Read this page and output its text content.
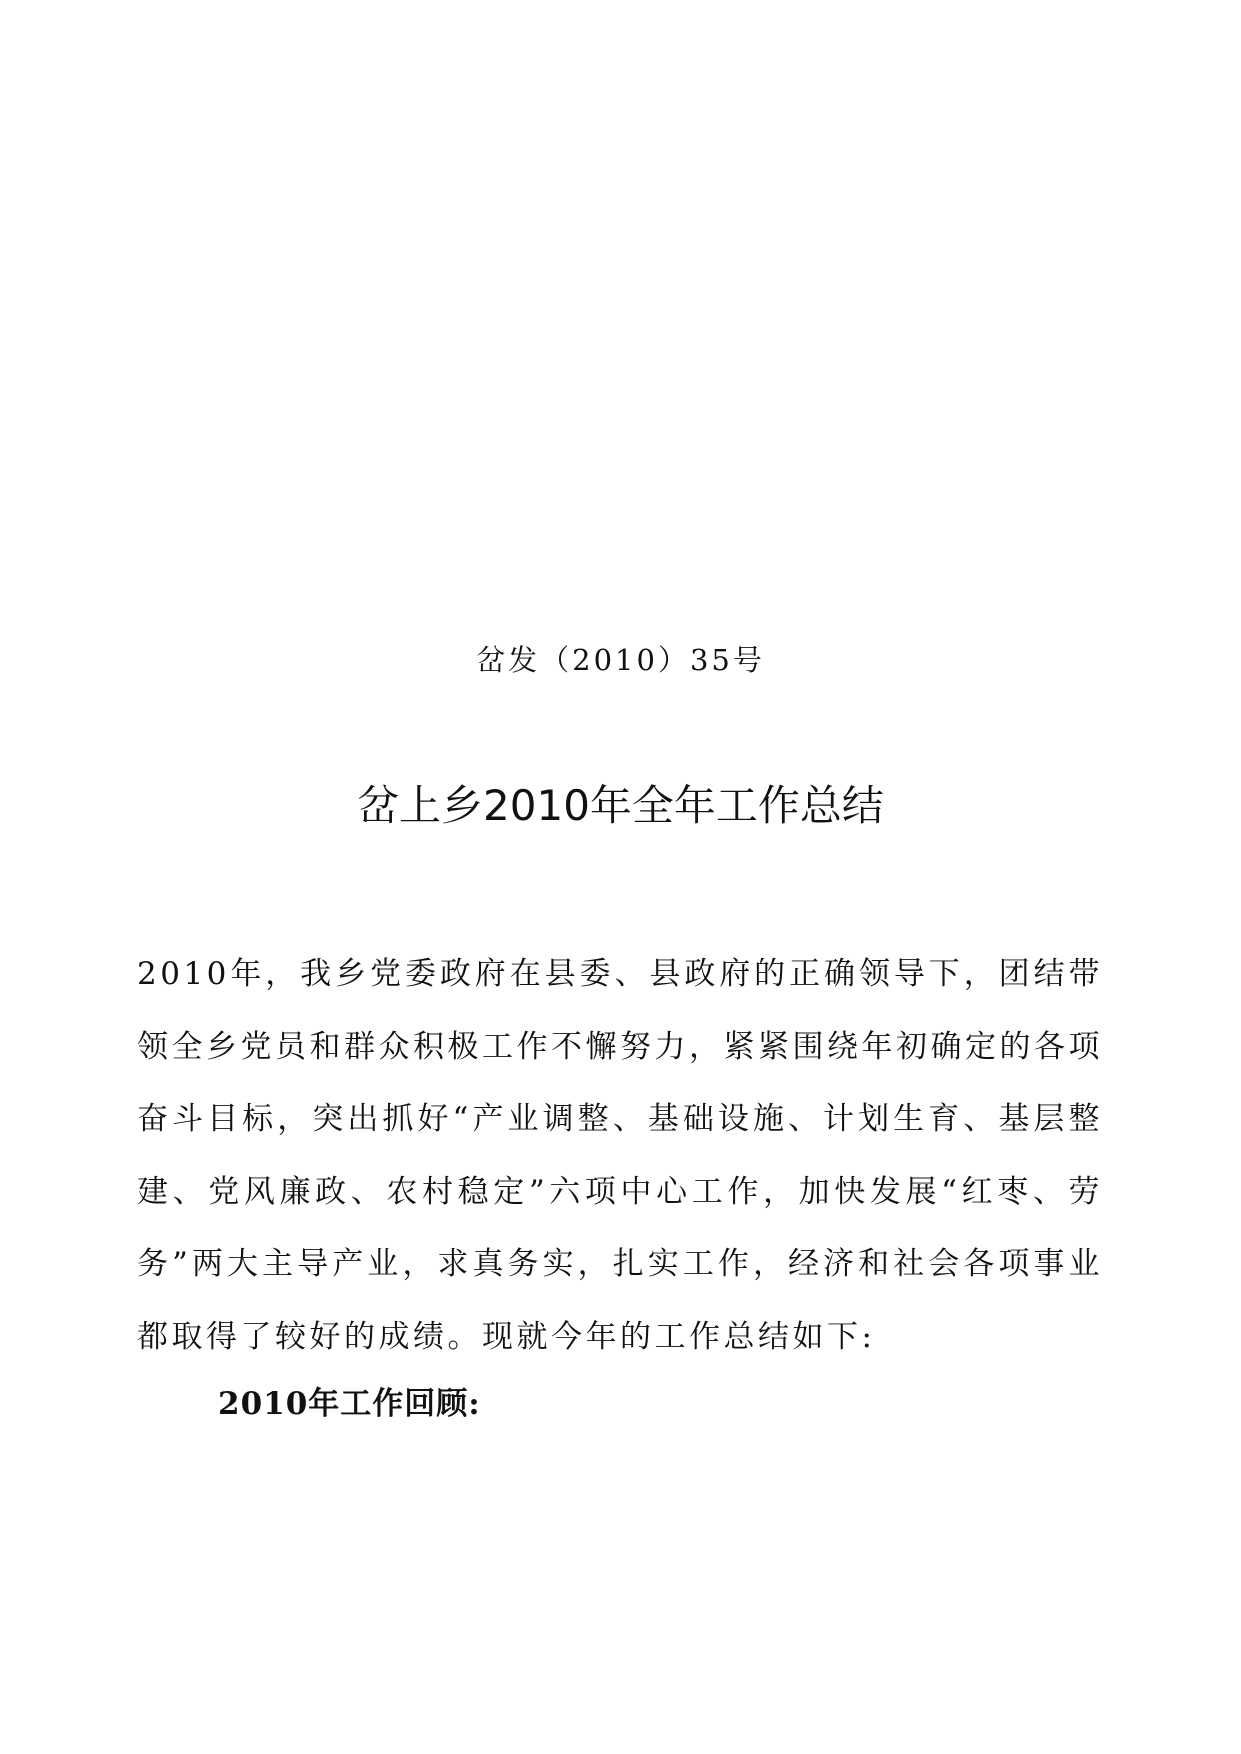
岔发（2010）35号
岔上乡2010年全年工作总结

2010年，我乡党委政府在县委、县政府的正确领导下，团结带领全乡党员和群众积极工作不懈努力，紧紧围绕年初确定的各项奋斗目标，突出抓好“产业调整、基础设施、计划生育、基层整建、党风廉政、农村稳定”六项中心工作，加快发展“红枣、劳务”两大主导产业，求真务实，扎实工作，经济和社会各项事业都取得了较好的成绩。现就今年的工作总结如下:

2010年工作回顾:
